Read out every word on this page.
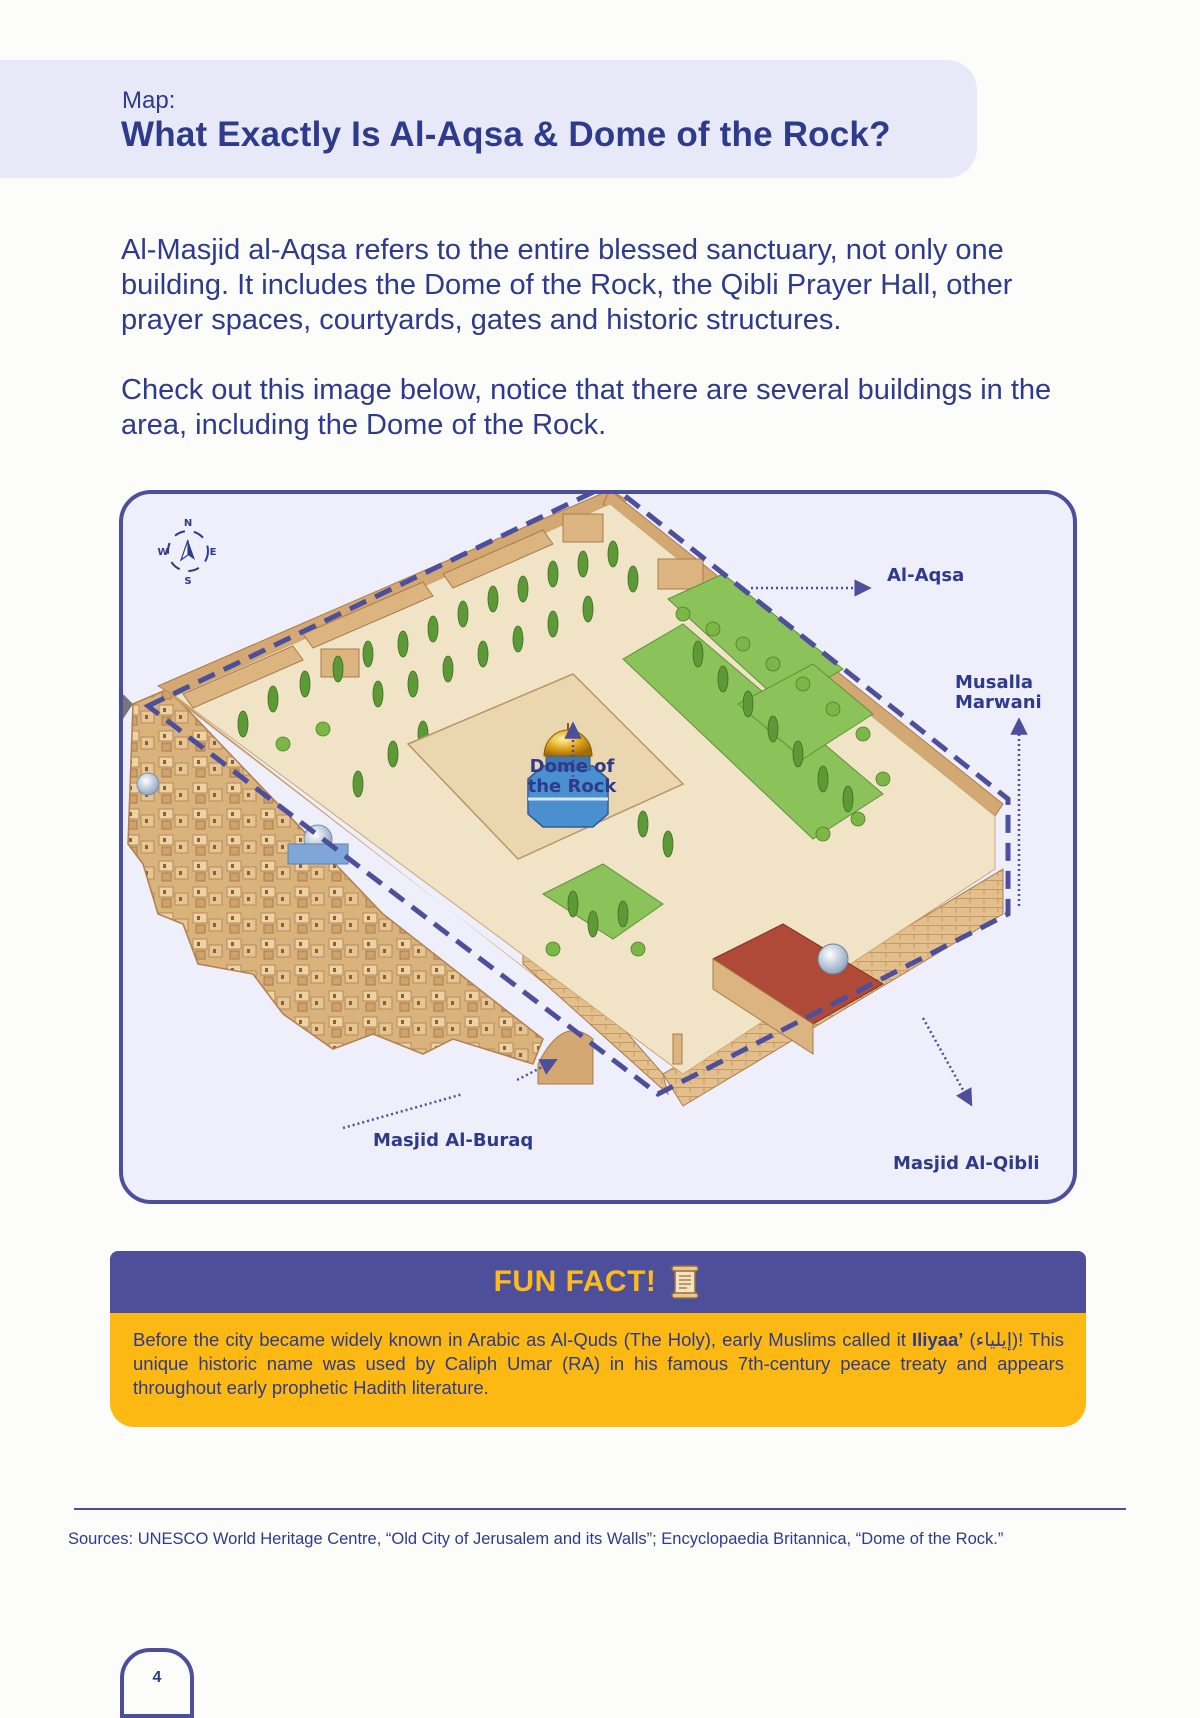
Map:
What Exactly Is Al-Aqsa & Dome of the Rock?

Al-Masjid al-Aqsa refers to the entire blessed sanctuary, not only one building. It includes the Dome of the Rock, the Qibli Prayer Hall, other prayer spaces, courtyards, gates and historic structures.

Check out this image below, notice that there are several buildings in the area, including the Dome of the Rock.

N
E
S
W
Al-Aqsa
Musalla
Marwani
Dome of
the Rock
Masjid Al-Buraq
Masjid Al-Qibli
FUN FACT!
Before the city became widely known in Arabic as Al-Quds (The Holy), early Muslims called it Iliyaa’ (إيلياء)! This unique historic name was used by Caliph Umar (RA) in his famous 7th-century peace treaty and appears throughout early prophetic Hadith literature.
Sources: UNESCO World Heritage Centre, “Old City of Jerusalem and its Walls”; Encyclopaedia Britannica, “Dome of the Rock.”
4
